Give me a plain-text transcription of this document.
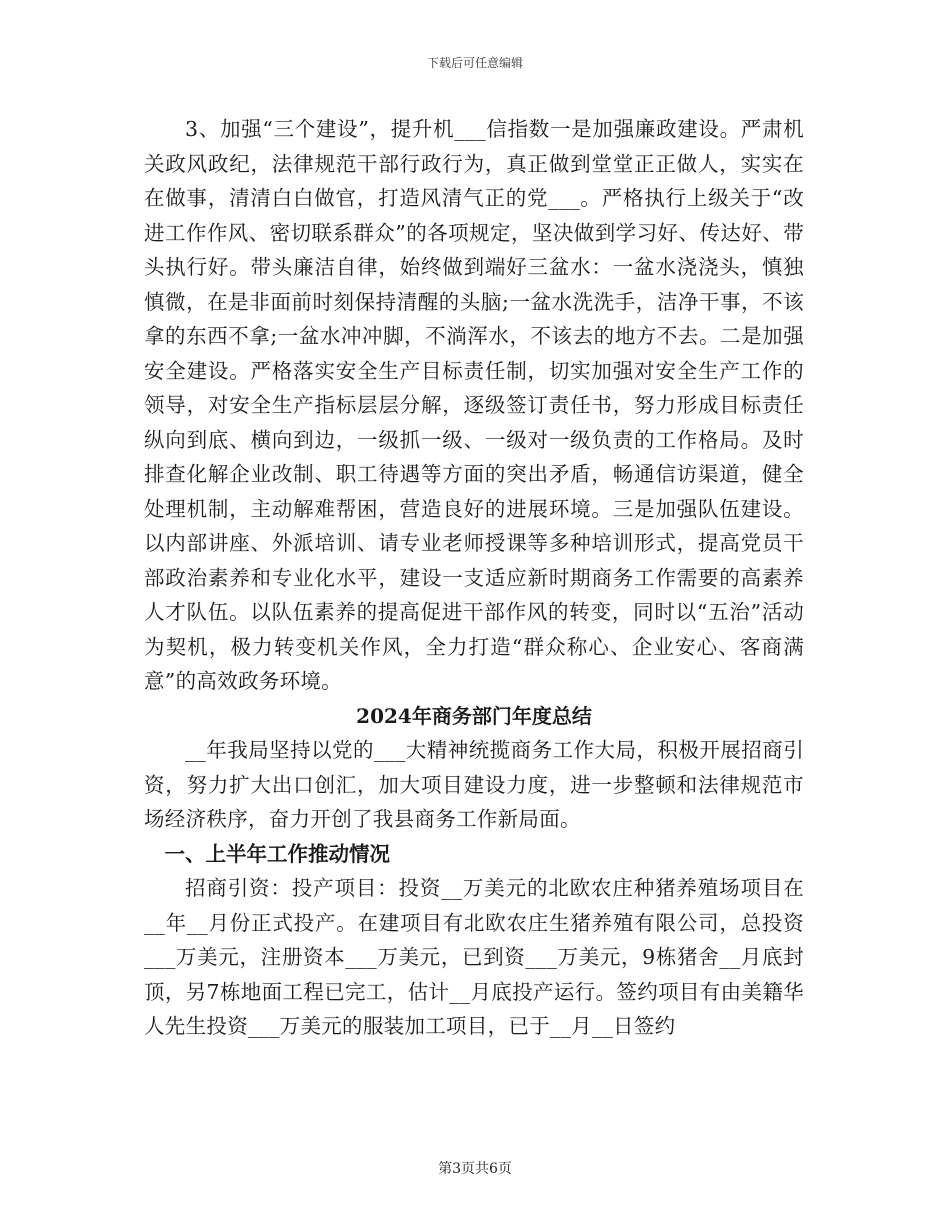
下载后可任意编辑

3、加强“三个建设”，提升机___信指数一是加强廉政建设。严肃机关政风政纪，法律规范干部行政行为，真正做到堂堂正正做人，实实在在做事，清清白白做官，打造风清气正的党___。严格执行上级关于“改进工作作风、密切联系群众”的各项规定，坚决做到学习好、传达好、带头执行好。带头廉洁自律，始终做到端好三盆水：一盆水浇浇头，慎独慎微，在是非面前时刻保持清醒的头脑;一盆水洗洗手，洁净干事，不该拿的东西不拿;一盆水冲冲脚，不淌浑水，不该去的地方不去。二是加强安全建设。严格落实安全生产目标责任制，切实加强对安全生产工作的领导，对安全生产指标层层分解，逐级签订责任书，努力形成目标责任纵向到底、横向到边，一级抓一级、一级对一级负责的工作格局。及时排查化解企业改制、职工待遇等方面的突出矛盾，畅通信访渠道，健全处理机制，主动解难帮困，营造良好的进展环境。三是加强队伍建设。以内部讲座、外派培训、请专业老师授课等多种培训形式，提高党员干部政治素养和专业化水平，建设一支适应新时期商务工作需要的高素养人才队伍。以队伍素养的提高促进干部作风的转变，同时以“五治”活动为契机，极力转变机关作风，全力打造“群众称心、企业安心、客商满意”的高效政务环境。

2024年商务部门年度总结

__年我局坚持以党的___大精神统揽商务工作大局，积极开展招商引资，努力扩大出口创汇，加大项目建设力度，进一步整顿和法律规范市场经济秩序，奋力开创了我县商务工作新局面。

一、上半年工作推动情况

招商引资：投产项目：投资__万美元的北欧农庄种猪养殖场项目在__年__月份正式投产。在建项目有北欧农庄生猪养殖有限公司，总投资___万美元，注册资本___万美元，已到资___万美元，9栋猪舍__月底封顶，另7栋地面工程已完工，估计__月底投产运行。签约项目有由美籍华人先生投资___万美元的服装加工项目，已于__月__日签约

第3页共6页
